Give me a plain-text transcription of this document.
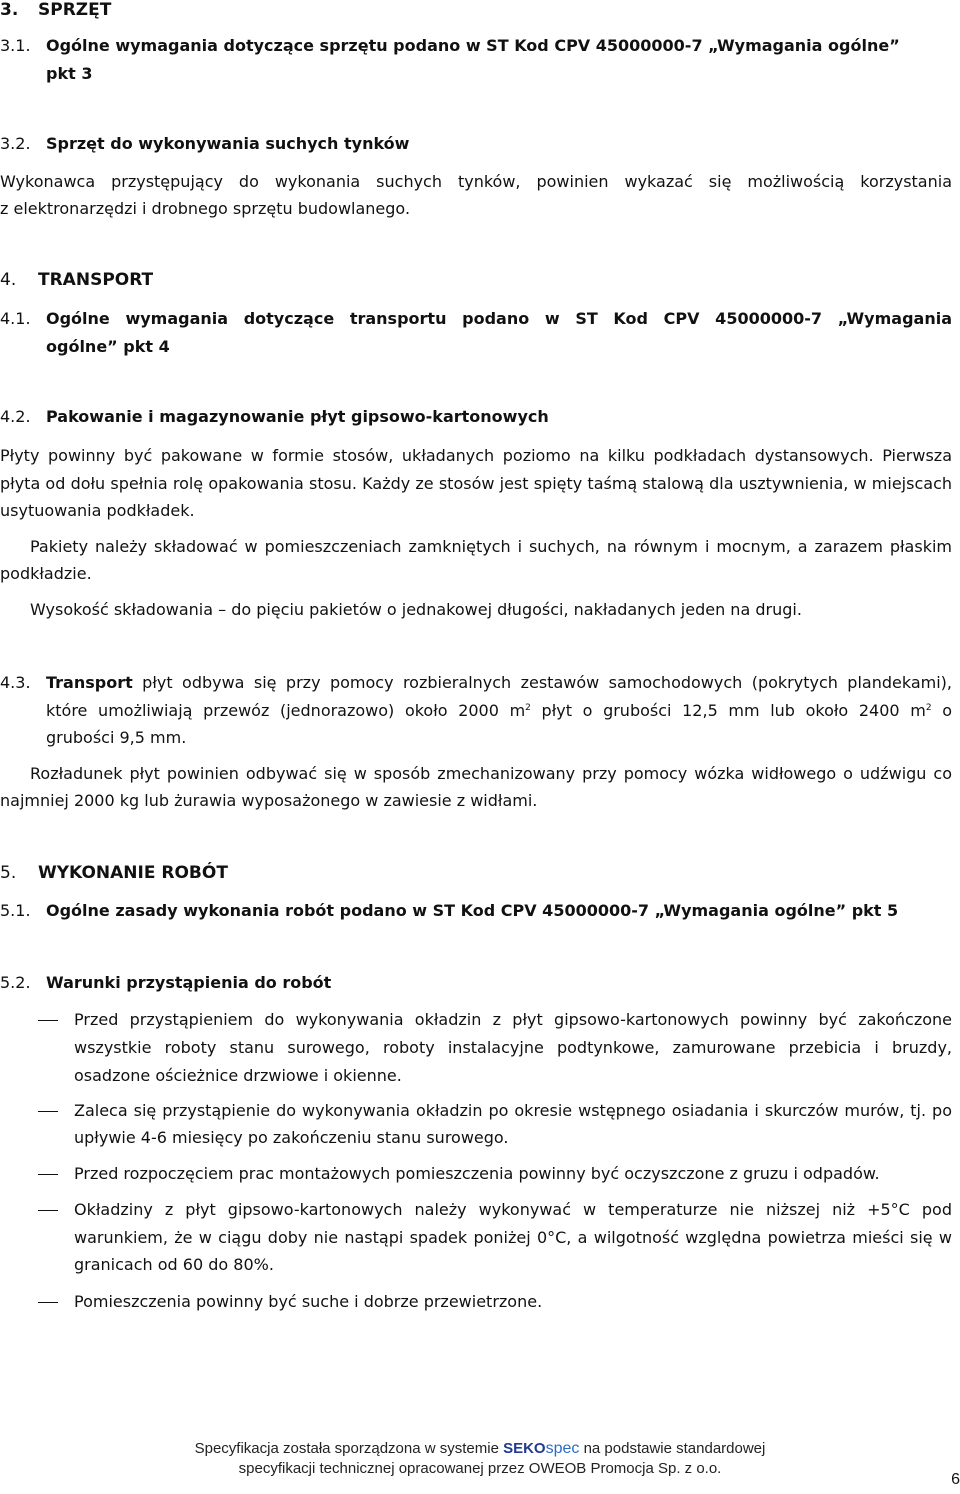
3. SPRZĘT
3.1. Ogólne wymagania dotyczące sprzętu podano w ST Kod CPV 45000000-7 „Wymagania ogólne”
pkt 3
3.2. Sprzęt do wykonywania suchych tynków
Wykonawca przystępujący do wykonania suchych tynków, powinien wykazać się możliwością korzystania
z elektronarzędzi i drobnego sprzętu budowlanego.
4. TRANSPORT
Ogólne wymagania dotyczące transportu podano w ST Kod CPV 45000000-7 „Wymagania
4.1.
ogólne” pkt 4
4.2. Pakowanie i magazynowanie płyt gipsowo-kartonowych
Płyty powinny być pakowane w formie stosów, układanych poziomo na kilku podkładach dystansowych. Pierwsza
płyta od dołu spełnia rolę opakowania stosu. Każdy ze stosów jest spięty taśmą stalową dla usztywnienia, w miejscach
usytuowania podkładek.
Pakiety należy składować w pomieszczeniach zamkniętych i suchych, na równym i mocnym, a zarazem płaskim
podkładzie.
Wysokość składowania – do pięciu pakietów o jednakowej długości, nakładanych jeden na drugi.
4.3. Transport płyt odbywa się przy pomocy rozbieralnych zestawów samochodowych (pokrytych plandekami),
które umożliwiają przewóz (jednorazowo) około 2000 $m^2$ płyt o grubości 12,5 mm lub około 2400 $m^2$ o
grubości 9,5 mm.
Rozładunek płyt powinien odbywać się w sposób zmechanizowany przy pomocy wózka widłowego o udźwigu co
najmniej 2000 kg lub żurawia wyposażonego w zawiesie z widłami.
5. WYKONANIE ROBÓT
5.1. Ogólne zasady wykonania robót podano w ST Kod CPV 45000000-7 „Wymagania ogólne” pkt 5
5.2. Warunki przystąpienia do robót
Przed przystąpieniem do wykonywania okładzin z płyt gipsowo-kartonowych powinny być zakończone
wszystkie roboty stanu surowego, roboty instalacyjne podtynkowe, zamurowane przebicia i bruzdy,
osadzone ościeżnice drzwiowe i okienne.
Zaleca się przystąpienie do wykonywania okładzin po okresie wstępnego osiadania i skurczów murów, tj. po
upływie 4-6 miesięcy po zakończeniu stanu surowego.
Przed rozpoczęciem prac montażowych pomieszczenia powinny być oczyszczone z gruzu i odpadów.
Okładziny z płyt gipsowo-kartonowych należy wykonywać w temperaturze nie niższej niż +5°C pod
warunkiem, że w ciągu doby nie nastąpi spadek poniżej 0°C, a wilgotność względna powietrza mieści się w
granicach od 60 do 80%.
Pomieszczenia powinny być suche i dobrze przewietrzone.
Specyfikacja została sporządzona w systemie SEKOspec na podstawie standardowej
specyfikacji technicznej opracowanej przez OWEOB Promocja Sp. z o.o.
6
